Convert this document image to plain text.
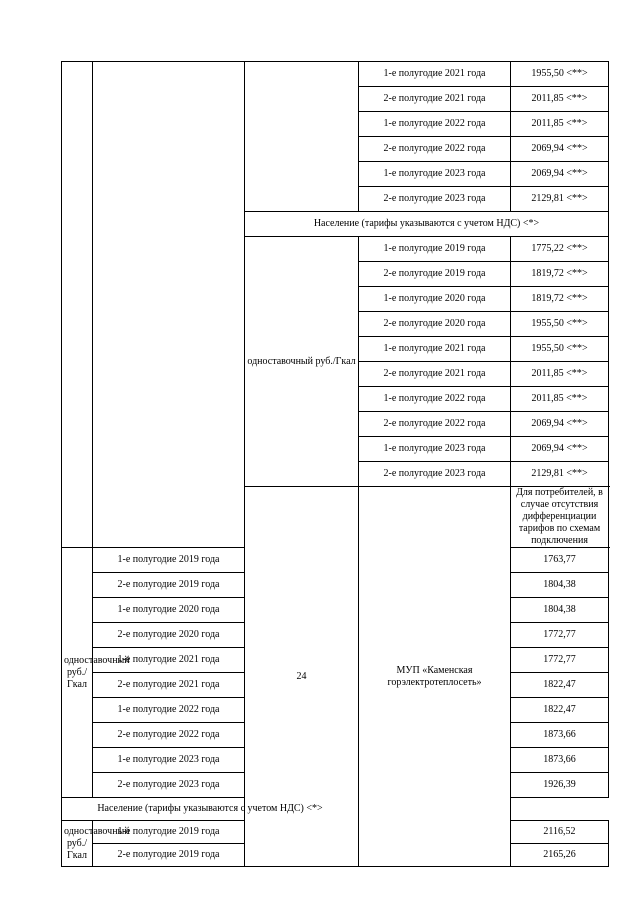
			1-е полугодие 2021 года	1955,50 <**>
			2-е полугодие 2021 года	2011,85 <**>
			1-е полугодие 2022 года	2011,85 <**>
			2-е полугодие 2022 года	2069,94 <**>
			1-е полугодие 2023 года	2069,94 <**>
			2-е полугодие 2023 года	2129,81 <**>
		Население (тарифы указываются с учетом НДС) <*>		
		одноставочный руб./Гкал	1-е полугодие 2019 года	1775,22 <**>
			2-е полугодие 2019 года	1819,72 <**>
			1-е полугодие 2020 года	1819,72 <**>
			2-е полугодие 2020 года	1955,50 <**>
			1-е полугодие 2021 года	1955,50 <**>
			2-е полугодие 2021 года	2011,85 <**>
			1-е полугодие 2022 года	2011,85 <**>
			2-е полугодие 2022 года	2069,94 <**>
			1-е полугодие 2023 года	2069,94 <**>
			2-е полугодие 2023 года	2129,81 <**>
		24	МУП «Каменская горэлектротеплосеть»	Для потребителей, в случае отсутствия дифференциации тарифов по схемам подключения
одноставочный руб./Гкал	1-е полугодие 2019 года			1763,77
	2-е полугодие 2019 года			1804,38
	1-е полугодие 2020 года			1804,38
	2-е полугодие 2020 года			1772,77
	1-е полугодие 2021 года			1772,77
	2-е полугодие 2021 года			1822,47
	1-е полугодие 2022 года			1822,47
	2-е полугодие 2022 года			1873,66
	1-е полугодие 2023 года			1873,66
	2-е полугодие 2023 года			1926,39
Население (тарифы указываются с учетом НДС) <*>				
одноставочный руб./Гкал	1-е полугодие 2019 года			2116,52
	2-е полугодие 2019 года			2165,26
